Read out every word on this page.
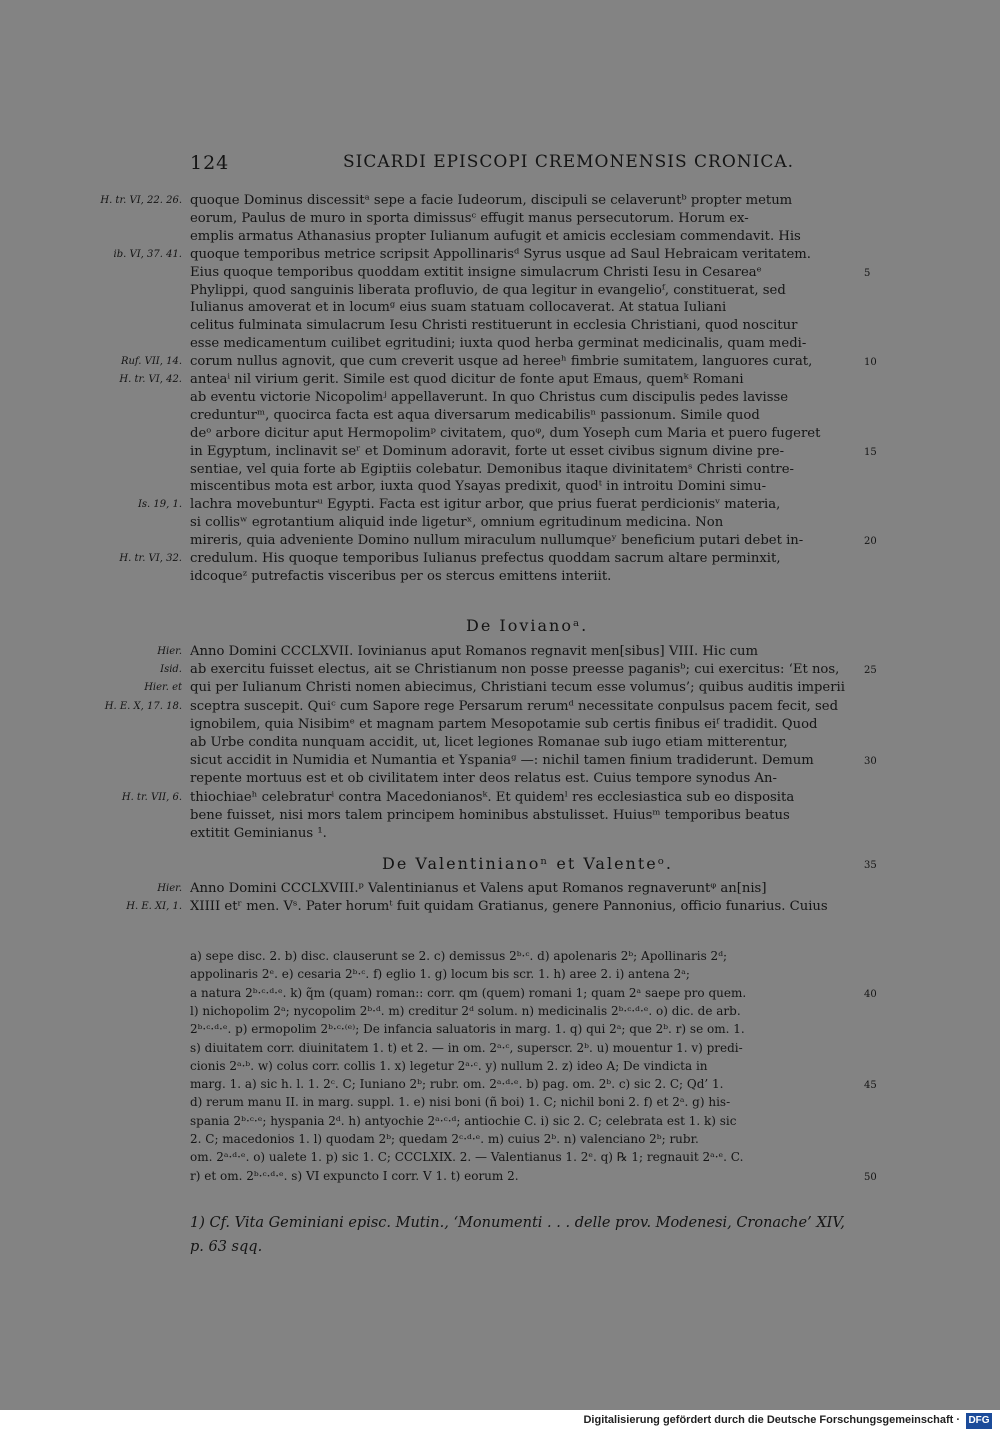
124	SICARDI EPISCOPI CREMONENSIS CRONICA.
quoque Dominus discessitᵃ sepe a facie Iudeorum, discipuli se celaveruntᵇ propter metum
eorum, Paulus de muro in sporta dimissusᶜ effugit manus persecutorum. Horum ex-
emplis armatus Athanasius propter Iulianum aufugit et amicis ecclesiam commendavit. His
quoque temporibus metrice scripsit Appollinarisᵈ Syrus usque ad Saul Hebraicam veritatem.
Eius quoque temporibus quoddam extitit insigne simulacrum Christi Iesu in Cesareaᵉ
Phylippi, quod sanguinis liberata profluvio, de qua legitur in evangelioᶠ, constituerat, sed
Iulianus amoverat et in locumᵍ eius suam statuam collocaverat. At statua Iuliani
celitus fulminata simulacrum Iesu Christi restituerunt in ecclesia Christiani, quod noscitur
esse medicamentum cuilibet egritudini; iuxta quod herba germinat medicinalis, quam medi-
corum nullus agnovit, que cum creverit usque ad hereeʰ fimbrie sumitatem, languores curat,
anteaⁱ nil virium gerit. Simile est quod dicitur de fonte aput Emaus, quemᵏ Romani
ab eventu victorie Nicopolimʲ appellaverunt. In quo Christus cum discipulis pedes lavisse
credunturᵐ, quocirca facta est aqua diversarum medicabilisⁿ passionum. Simile quod
deᵒ arbore dicitur aput Hermopolimᵖ civitatem, quoᵠ, dum Yoseph cum Maria et puero fugeret
in Egyptum, inclinavit seʳ et Dominum adoravit, forte ut esset civibus signum divine pre-
sentiae, vel quia forte ab Egiptiis colebatur. Demonibus itaque divinitatemˢ Christi contre-
miscentibus mota est arbor, iuxta quod Ysayas predixit, quodᵗ in introitu Domini simu-
lachra movebunturᵘ Egypti. Facta est igitur arbor, que prius fuerat perdicionisᵛ materia,
si collisʷ egrotantium aliquid inde ligeturˣ, omnium egritudinum medicina. Non
mireris, quia adveniente Domino nullum miraculum nullumqueʸ beneficium putari debet in-
credulum. His quoque temporibus Iulianus prefectus quoddam sacrum altare perminxit,
idcoqueᶻ putrefactis visceribus per os stercus emittens interiit.
H. tr. VI, 22. 26.
ib. VI, 37. 41.
Ruf. VII, 14.
H. tr. VI, 42.
Is. 19, 1.
H. tr. VI, 32.
5
10
15
20
De Iovianoᵃ.
Anno Domini CCCLXVII. Iovinianus aput Romanos regnavit men[sibus] VIII. Hic cum
ab exercitu fuisset electus, ait se Christianum non posse preesse paganisᵇ; cui exercitus: ‘Et nos,
qui per Iulianum Christi nomen abiecimus, Christiani tecum esse volumus’; quibus auditis imperii
sceptra suscepit. Quiᶜ cum Sapore rege Persarum rerumᵈ necessitate conpulsus pacem fecit, sed
ignobilem, quia Nisibimᵉ et magnam partem Mesopotamie sub certis finibus eiᶠ tradidit. Quod
ab Urbe condita nunquam accidit, ut, licet legiones Romanae sub iugo etiam mitterentur,
sicut accidit in Numidia et Numantia et Yspaniaᵍ —: nichil tamen finium tradiderunt. Demum
repente mortuus est et ob civilitatem inter deos relatus est. Cuius tempore synodus An-
thiochiaeʰ celebraturⁱ contra Macedonianosᵏ. Et quidemˡ res ecclesiastica sub eo disposita
bene fuisset, nisi mors talem principem hominibus abstulisset. Huiusᵐ temporibus beatus
extitit Geminianus ¹.
Hier.
Isid.
Hier. et
H. E. X, 17. 18.
H. tr. VII, 6.
25
30
De Valentinianoⁿ et Valenteᵒ.	35
Anno Domini CCCLXVIII.ᵖ Valentinianus et Valens aput Romanos regnaveruntᵠ an[nis]
XIIII etʳ men. Vˢ. Pater horumᵗ fuit quidam Gratianus, genere Pannonius, officio funarius. Cuius
Hier.
H. E. XI, 1.
a) sepe disc. 2. b) disc. clauserunt se 2. c) demissus 2ᵇ·ᶜ. d) apolenaris 2ᵇ; Apollinaris 2ᵈ;
appolinaris 2ᵉ. e) cesaria 2ᵇ·ᶜ. f) eglio 1. g) locum bis scr. 1. h) aree 2. i) antena 2ᵃ;
a natura 2ᵇ·ᶜ·ᵈ·ᵉ. k) q̃m (quam) roman:: corr. qm (quem) romani 1; quam 2ᵃ saepe pro quem.
l) nichopolim 2ᵃ; nycopolim 2ᵇ·ᵈ. m) creditur 2ᵈ solum. n) medicinalis 2ᵇ·ᶜ·ᵈ·ᵉ. o) dic. de arb.
2ᵇ·ᶜ·ᵈ·ᵉ. p) ermopolim 2ᵇ·ᶜ·⁽ᵉ⁾; De infancia saluatoris in marg. 1. q) qui 2ᵃ; que 2ᵇ. r) se om. 1.
s) diuitatem corr. diuinitatem 1. t) et 2. — in om. 2ᵃ·ᶜ, superscr. 2ᵇ. u) mouentur 1. v) predi-
cionis 2ᵃ·ᵇ. w) colus corr. collis 1. x) legetur 2ᵃ·ᶜ. y) nullum 2. z) ideo A; De vindicta in
marg. 1. a) sic h. l. 1. 2ᶜ. C; Iuniano 2ᵇ; rubr. om. 2ᵃ·ᵈ·ᵉ. b) pag. om. 2ᵇ. c) sic 2. C; Qd’ 1.
d) rerum manu II. in marg. suppl. 1. e) nisi boni (ñ boi) 1. C; nichil boni 2. f) et 2ᵃ. g) his-
spania 2ᵇ·ᶜ·ᵉ; hyspania 2ᵈ. h) antyochie 2ᵃ·ᶜ·ᵈ; antiochie C. i) sic 2. C; celebrata est 1. k) sic
2. C; macedonios 1. l) quodam 2ᵇ; quedam 2ᶜ·ᵈ·ᵉ. m) cuius 2ᵇ. n) valenciano 2ᵇ; rubr.
om. 2ᵃ·ᵈ·ᵉ. o) ualete 1. p) sic 1. C; CCCLXIX. 2. — Valentianus 1. 2ᵉ. q) ℞ 1; regnauit 2ᵃ·ᵉ. C.
r) et om. 2ᵇ·ᶜ·ᵈ·ᵉ. s) VI expuncto I corr. V 1. t) eorum 2.
40
45
50
1) Cf. Vita Geminiani episc. Mutin., ‘Monumenti . . . delle prov. Modenesi, Cronache’ XIV,
p. 63 sqq.
Digitalisierung gefördert durch die Deutsche Forschungsgemeinschaft · DFG
